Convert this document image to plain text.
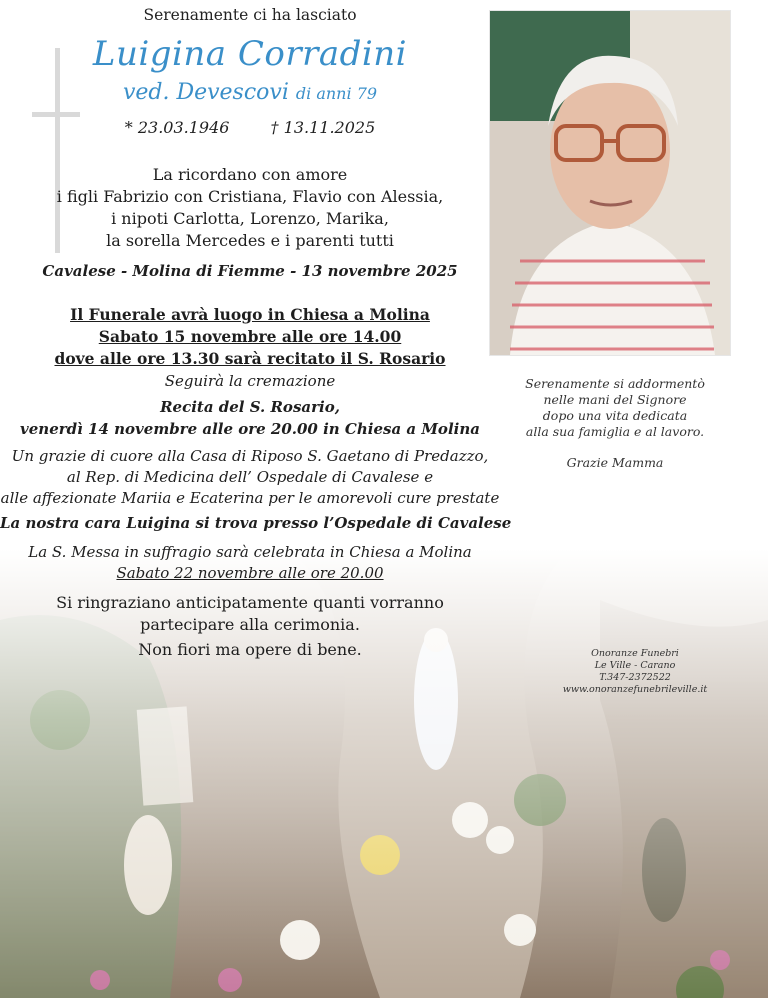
Serenamente ci ha lasciato
Luigina Corradini
ved. Devescovi di anni 79
* 23.03.1946	† 13.11.2025
La ricordano con amore
i figli Fabrizio con Cristiana, Flavio con Alessia,
i nipoti Carlotta, Lorenzo, Marika,
la sorella Mercedes e i parenti tutti
Cavalese - Molina di Fiemme - 13 novembre 2025
Il Funerale avrà luogo in Chiesa a Molina
Sabato 15 novembre alle ore 14.00
dove alle ore 13.30 sarà recitato il S. Rosario
Seguirà la cremazione
Recita del S. Rosario,
venerdì 14 novembre alle ore 20.00 in Chiesa a Molina
Un grazie di cuore alla Casa di Riposo S. Gaetano di Predazzo,
al Rep. di Medicina dell’ Ospedale di Cavalese e
alle affezionate Mariia e Ecaterina per le amorevoli cure prestate
La nostra cara Luigina si trova presso l’Ospedale di Cavalese
La S. Messa in suffragio sarà celebrata in Chiesa a Molina
Sabato 22 novembre alle ore 20.00
Si ringraziano anticipatamente quanti vorranno
partecipare alla cerimonia.
Non fiori ma opere di bene.
Serenamente si addormentò
nelle mani del Signore
dopo una vita dedicata
alla sua famiglia e al lavoro.
Grazie Mamma
Onoranze Funebri
Le Ville - Carano
T.347-2372522
www.onoranzefunebrileville.it
